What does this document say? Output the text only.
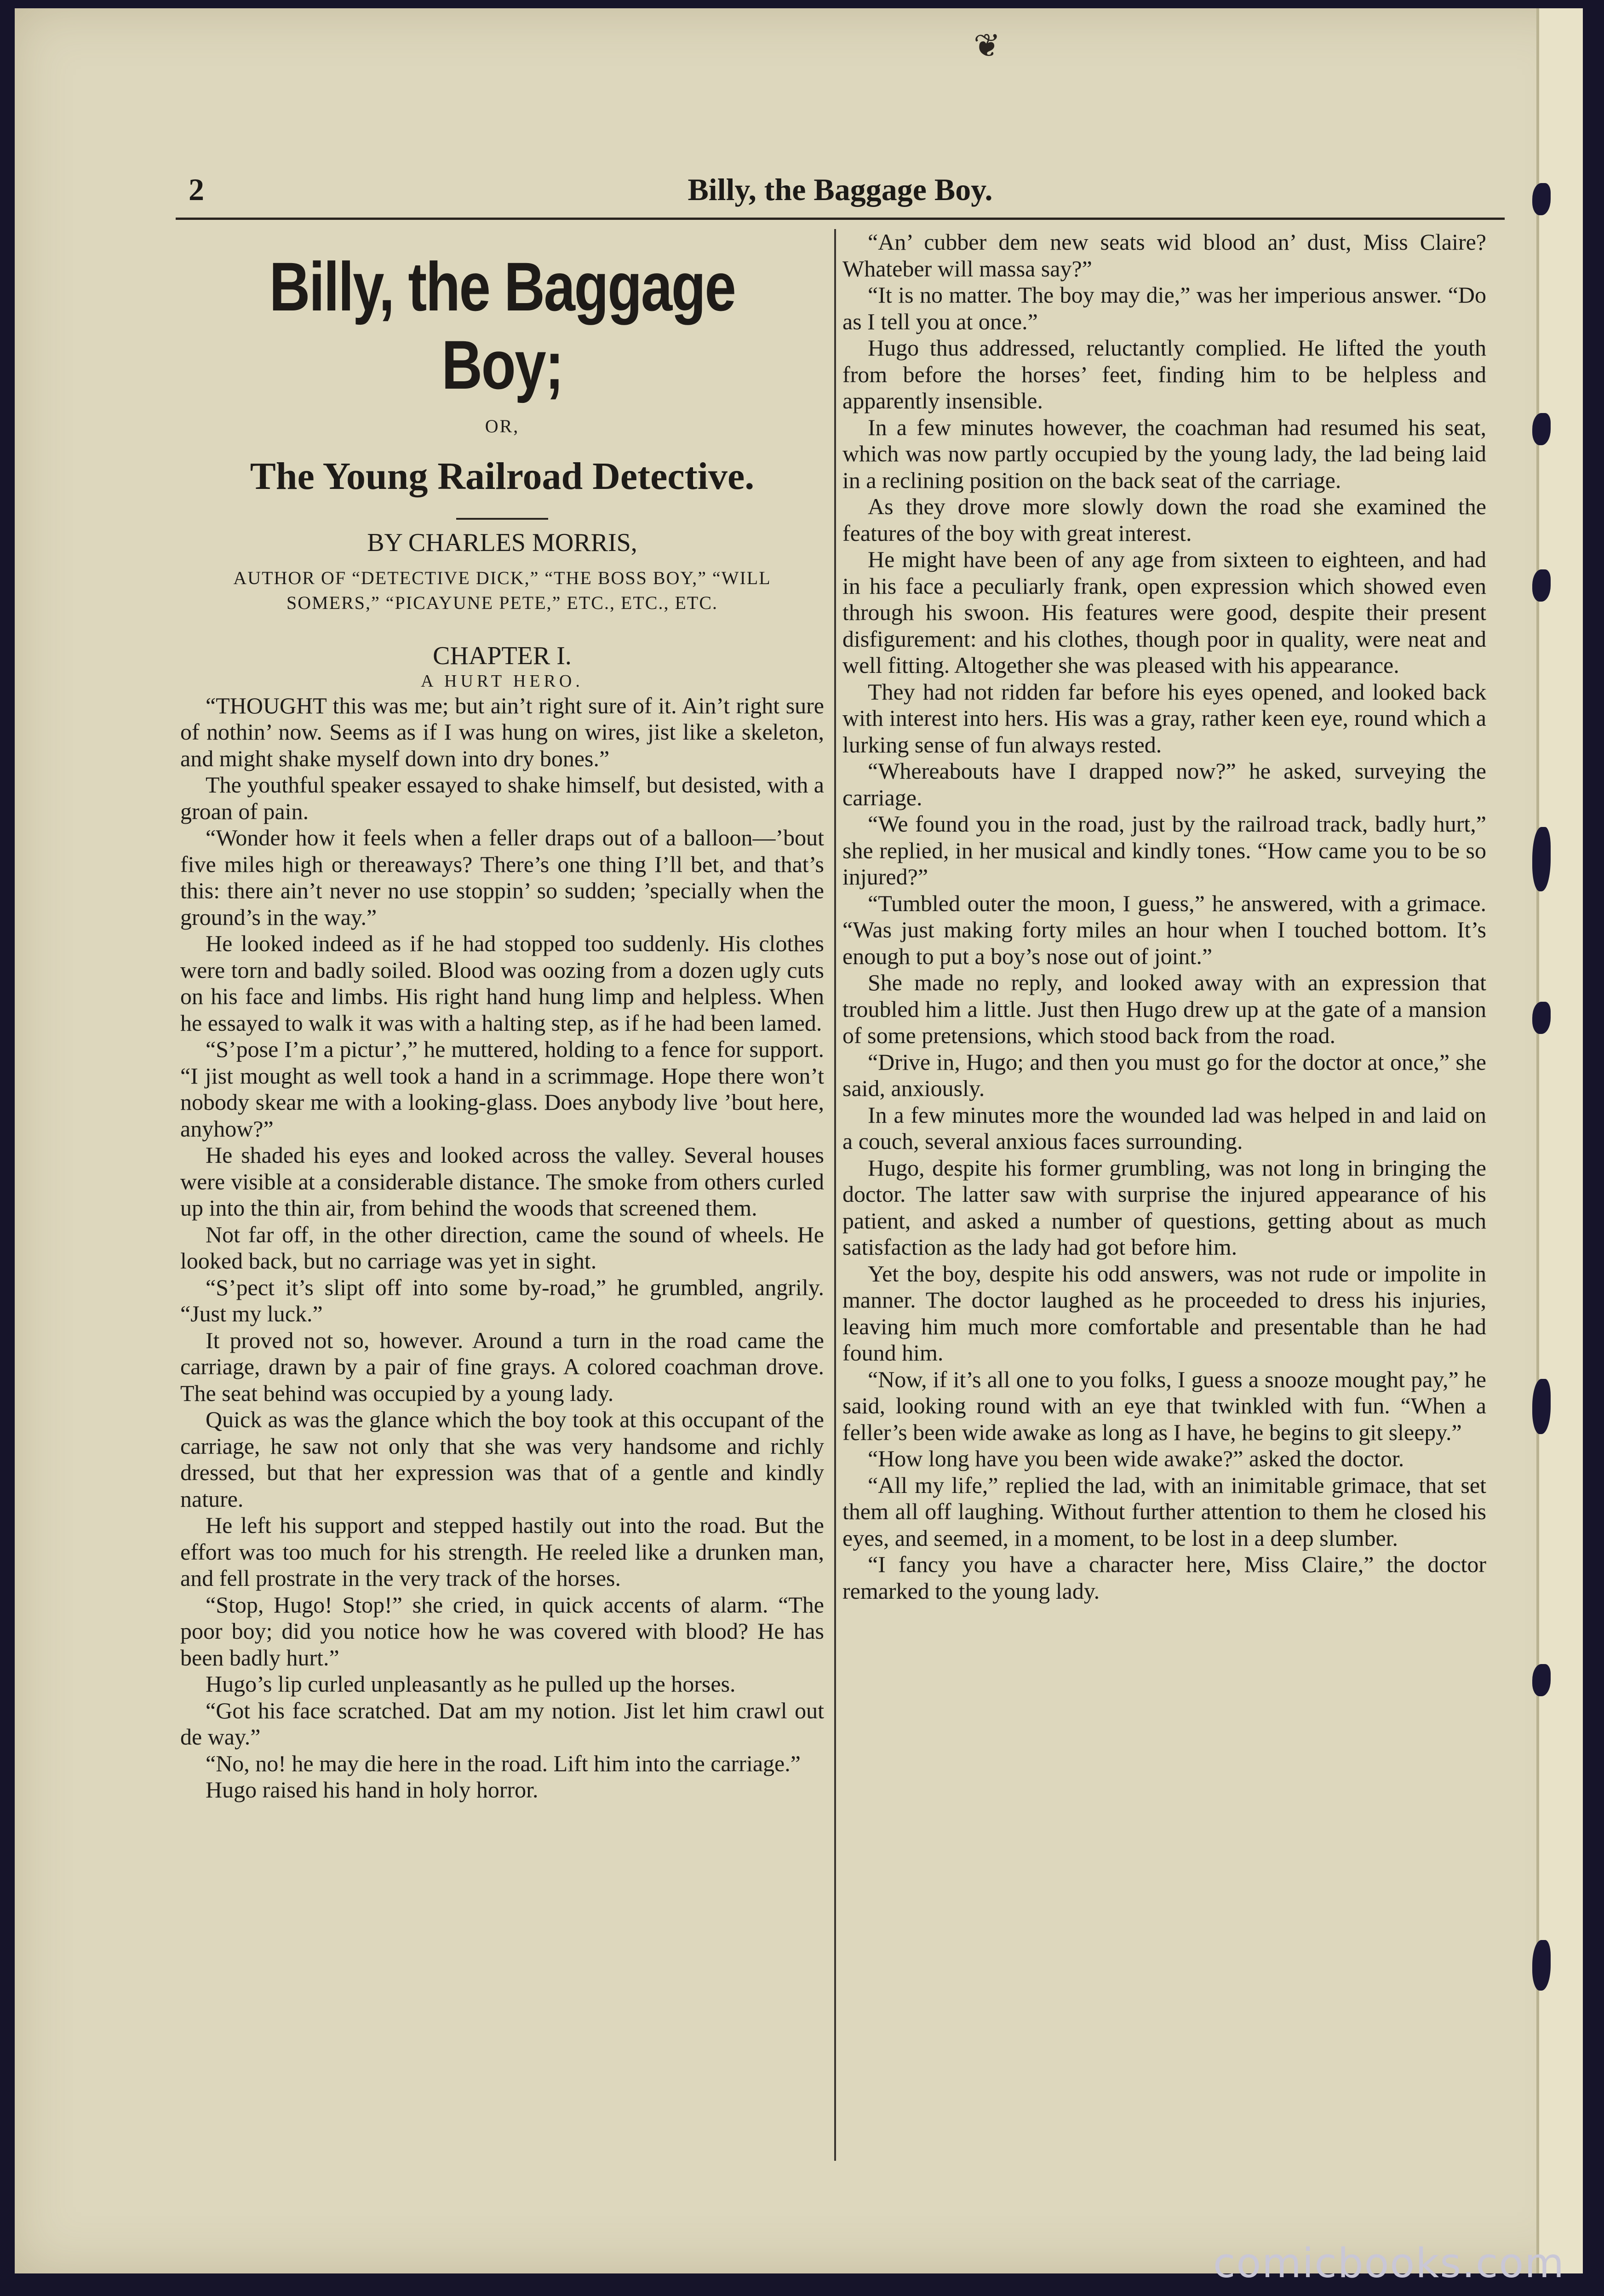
❦
2	Billy, the Baggage Boy.
Billy, the Baggage Boy;
OR,
The Young Railroad Detective.
BY CHARLES MORRIS,
AUTHOR OF “DETECTIVE DICK,” “THE BOSS BOY,” “WILL SOMERS,” “PICAYUNE PETE,” ETC., ETC., ETC.
CHAPTER I.
A HURT HERO.

“THOUGHT this was me; but ain’t right sure of it. Ain’t right sure of nothin’ now. Seems as if I was hung on wires, jist like a skeleton, and might shake myself down into dry bones.”

The youthful speaker essayed to shake himself, but desisted, with a groan of pain.

“Wonder how it feels when a feller draps out of a balloon—’bout five miles high or thereaways? There’s one thing I’ll bet, and that’s this: there ain’t never no use stoppin’ so sudden; ’specially when the ground’s in the way.”

He looked indeed as if he had stopped too suddenly. His clothes were torn and badly soiled. Blood was oozing from a dozen ugly cuts on his face and limbs. His right hand hung limp and helpless. When he essayed to walk it was with a halting step, as if he had been lamed.

“S’pose I’m a pictur’,” he muttered, holding to a fence for support. “I jist mought as well took a hand in a scrimmage. Hope there won’t nobody skear me with a looking-glass. Does anybody live ’bout here, anyhow?”

He shaded his eyes and looked across the valley. Several houses were visible at a considerable distance. The smoke from others curled up into the thin air, from behind the woods that screened them.

Not far off, in the other direction, came the sound of wheels. He looked back, but no carriage was yet in sight.

“S’pect it’s slipt off into some by-road,” he grumbled, angrily. “Just my luck.”

It proved not so, however. Around a turn in the road came the carriage, drawn by a pair of fine grays. A colored coachman drove. The seat behind was occupied by a young lady.

Quick as was the glance which the boy took at this occupant of the carriage, he saw not only that she was very handsome and richly dressed, but that her expression was that of a gentle and kindly nature.

He left his support and stepped hastily out into the road. But the effort was too much for his strength. He reeled like a drunken man, and fell prostrate in the very track of the horses.

“Stop, Hugo! Stop!” she cried, in quick accents of alarm. “The poor boy; did you notice how he was covered with blood? He has been badly hurt.”

Hugo’s lip curled unpleasantly as he pulled up the horses.

“Got his face scratched. Dat am my notion. Jist let him crawl out de way.”

“No, no! he may die here in the road. Lift him into the carriage.”

Hugo raised his hand in holy horror.

“An’ cubber dem new seats wid blood an’ dust, Miss Claire? Whateber will massa say?”

“It is no matter. The boy may die,” was her imperious answer. “Do as I tell you at once.”

Hugo thus addressed, reluctantly complied. He lifted the youth from before the horses’ feet, finding him to be helpless and apparently insensible.

In a few minutes however, the coachman had resumed his seat, which was now partly occupied by the young lady, the lad being laid in a reclining position on the back seat of the carriage.

As they drove more slowly down the road she examined the features of the boy with great interest.

He might have been of any age from sixteen to eighteen, and had in his face a peculiarly frank, open expression which showed even through his swoon. His features were good, despite their present disfigurement: and his clothes, though poor in quality, were neat and well fitting. Altogether she was pleased with his appearance.

They had not ridden far before his eyes opened, and looked back with interest into hers. His was a gray, rather keen eye, round which a lurking sense of fun always rested.

“Whereabouts have I drapped now?” he asked, surveying the carriage.

“We found you in the road, just by the railroad track, badly hurt,” she replied, in her musical and kindly tones. “How came you to be so injured?”

“Tumbled outer the moon, I guess,” he answered, with a grimace. “Was just making forty miles an hour when I touched bottom. It’s enough to put a boy’s nose out of joint.”

She made no reply, and looked away with an expression that troubled him a little. Just then Hugo drew up at the gate of a mansion of some pretensions, which stood back from the road.

“Drive in, Hugo; and then you must go for the doctor at once,” she said, anxiously.

In a few minutes more the wounded lad was helped in and laid on a couch, several anxious faces surrounding.

Hugo, despite his former grumbling, was not long in bringing the doctor. The latter saw with surprise the injured appearance of his patient, and asked a number of questions, getting about as much satisfaction as the lady had got before him.

Yet the boy, despite his odd answers, was not rude or impolite in manner. The doctor laughed as he proceeded to dress his injuries, leaving him much more comfortable and presentable than he had found him.

“Now, if it’s all one to you folks, I guess a snooze mought pay,” he said, looking round with an eye that twinkled with fun. “When a feller’s been wide awake as long as I have, he begins to git sleepy.”

“How long have you been wide awake?” asked the doctor.

“All my life,” replied the lad, with an inimitable grimace, that set them all off laughing. Without further attention to them he closed his eyes, and seemed, in a moment, to be lost in a deep slumber.

“I fancy you have a character here, Miss Claire,” the doctor remarked to the young lady.

comicbooks.com
